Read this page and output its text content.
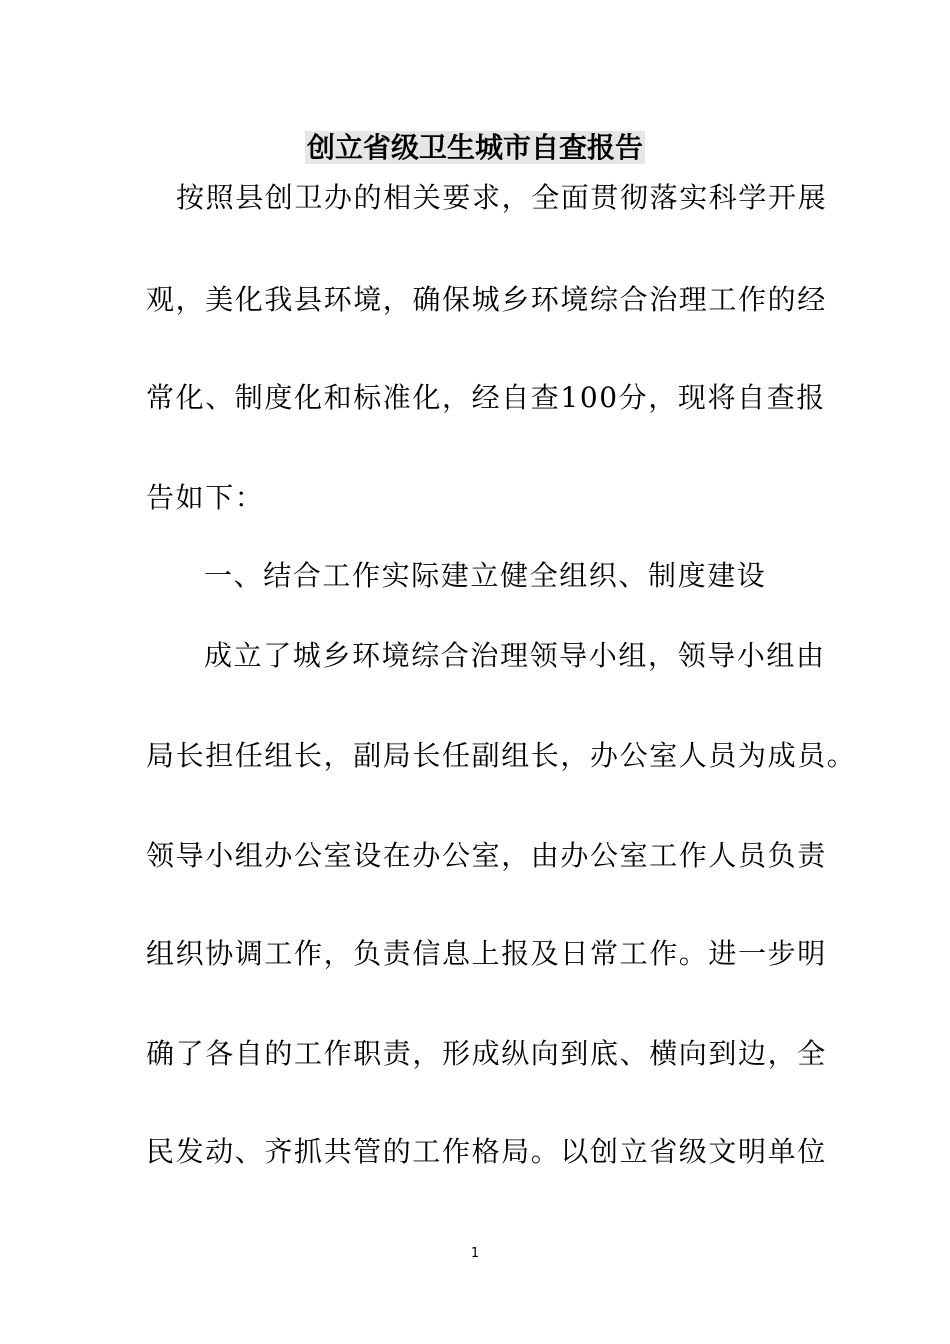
创立省级卫生城市自查报告
按照县创卫办的相关要求，全面贯彻落实科学开展
观，美化我县环境，确保城乡环境综合治理工作的经
常化、制度化和标准化，经自查100分，现将自查报
告如下：
一、结合工作实际建立健全组织、制度建设
成立了城乡环境综合治理领导小组，领导小组由
局长担任组长，副局长任副组长，办公室人员为成员。
领导小组办公室设在办公室，由办公室工作人员负责
组织协调工作，负责信息上报及日常工作。进一步明
确了各自的工作职责，形成纵向到底、横向到边，全
民发动、齐抓共管的工作格局。以创立省级文明单位
1
